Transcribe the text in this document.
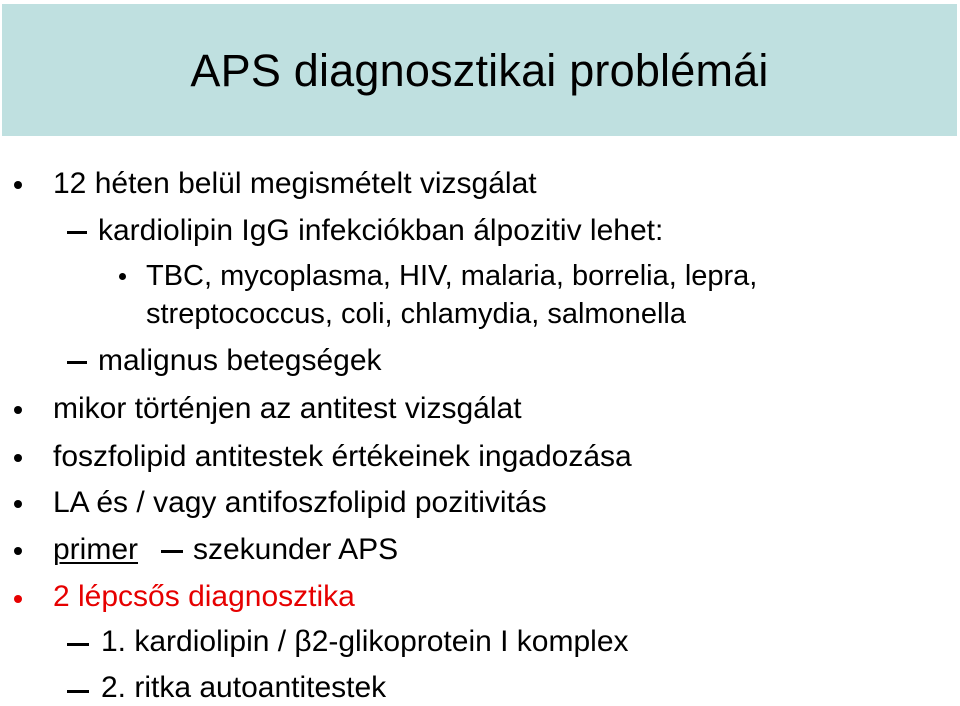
APS diagnosztikai problémái
12 héten belül megismételt vizsgálat
kardiolipin IgG infekciókban álpozitiv lehet:
TBC, mycoplasma, HIV, malaria, borrelia, lepra,
streptococcus, coli, chlamydia, salmonella
malignus betegségek
mikor történjen az antitest vizsgálat
foszfolipid antitestek értékeinek ingadozása
LA és / vagy antifoszfolipid pozitivitás
primer szekunder APS
2 lépcsős diagnosztika
1. kardiolipin / β2-glikoprotein I komplex
2. ritka autoantitestek
